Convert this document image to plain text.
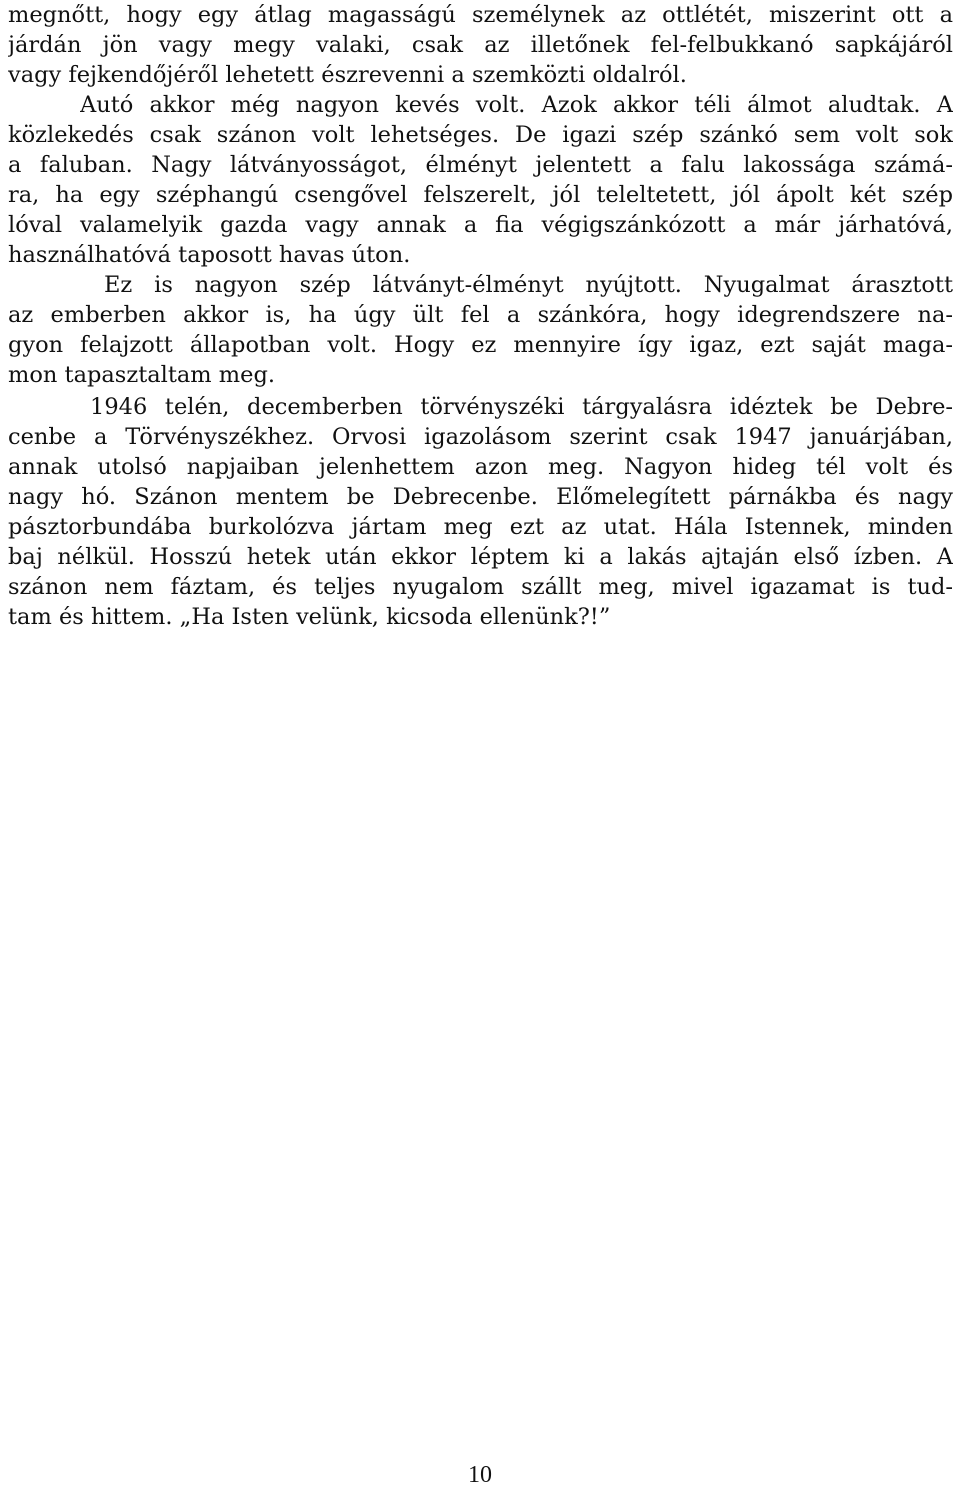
megnőtt, hogy egy átlag magasságú személynek az ottlétét, miszerint ott a
járdán jön vagy megy valaki, csak az illetőnek fel-felbukkanó sapkájáról
vagy fejkendőjéről lehetett észrevenni a szemközti oldalról.
Autó akkor még nagyon kevés volt. Azok akkor téli álmot aludtak. A
közlekedés csak szánon volt lehetséges. De igazi szép szánkó sem volt sok
a faluban. Nagy látványosságot, élményt jelentett a falu lakossága számá-
ra, ha egy széphangú csengővel felszerelt, jól teleltetett, jól ápolt két szép
lóval valamelyik gazda vagy annak a fia végigszánkózott a már járhatóvá,
használhatóvá taposott havas úton.
Ez is nagyon szép látványt-élményt nyújtott. Nyugalmat árasztott
az emberben akkor is, ha úgy ült fel a szánkóra, hogy idegrendszere na-
gyon felajzott állapotban volt. Hogy ez mennyire így igaz, ezt saját maga-
mon tapasztaltam meg.
1946 telén, decemberben törvényszéki tárgyalásra idéztek be Debre-
cenbe a Törvényszékhez. Orvosi igazolásom szerint csak 1947 januárjában,
annak utolsó napjaiban jelenhettem azon meg. Nagyon hideg tél volt és
nagy hó. Szánon mentem be Debrecenbe. Előmelegített párnákba és nagy
pásztorbundába burkolózva jártam meg ezt az utat. Hála Istennek, minden
baj nélkül. Hosszú hetek után ekkor léptem ki a lakás ajtaján első ízben. A
szánon nem fáztam, és teljes nyugalom szállt meg, mivel igazamat is tud-
tam és hittem. „Ha Isten velünk, kicsoda ellenünk?!”
10
